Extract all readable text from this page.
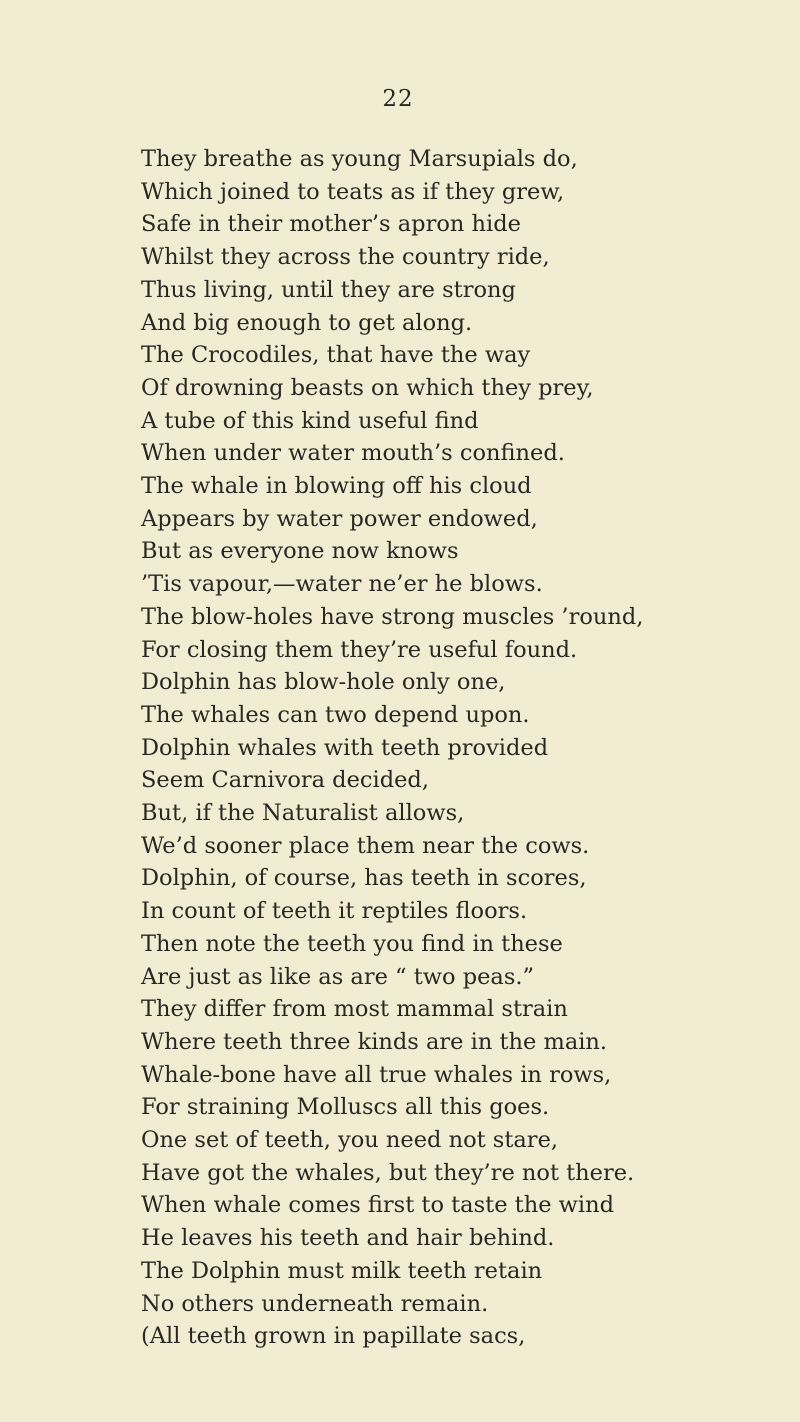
22
They breathe as young Marsupials do,
Which joined to teats as if they grew,
Safe in their mother’s apron hide
Whilst they across the country ride,
Thus living, until they are strong
And big enough to get along.
The Crocodiles, that have the way
Of drowning beasts on which they prey,
A tube of this kind useful find
When under water mouth’s confined.
The whale in blowing off his cloud
Appears by water power endowed,
But as everyone now knows
’Tis vapour,—water ne’er he blows.
The blow-holes have strong muscles ’round,
For closing them they’re useful found.
Dolphin has blow-hole only one,
The whales can two depend upon.
Dolphin whales with teeth provided
Seem Carnivora decided,
But, if the Naturalist allows,
We’d sooner place them near the cows.
Dolphin, of course, has teeth in scores,
In count of teeth it reptiles floors.
Then note the teeth you find in these
Are just as like as are “ two peas.”
They differ from most mammal strain
Where teeth three kinds are in the main.
Whale-bone have all true whales in rows,
For straining Molluscs all this goes.
One set of teeth, you need not stare,
Have got the whales, but they’re not there.
When whale comes first to taste the wind
He leaves his teeth and hair behind.
The Dolphin must milk teeth retain
No others underneath remain.
(All teeth grown in papillate sacs,
